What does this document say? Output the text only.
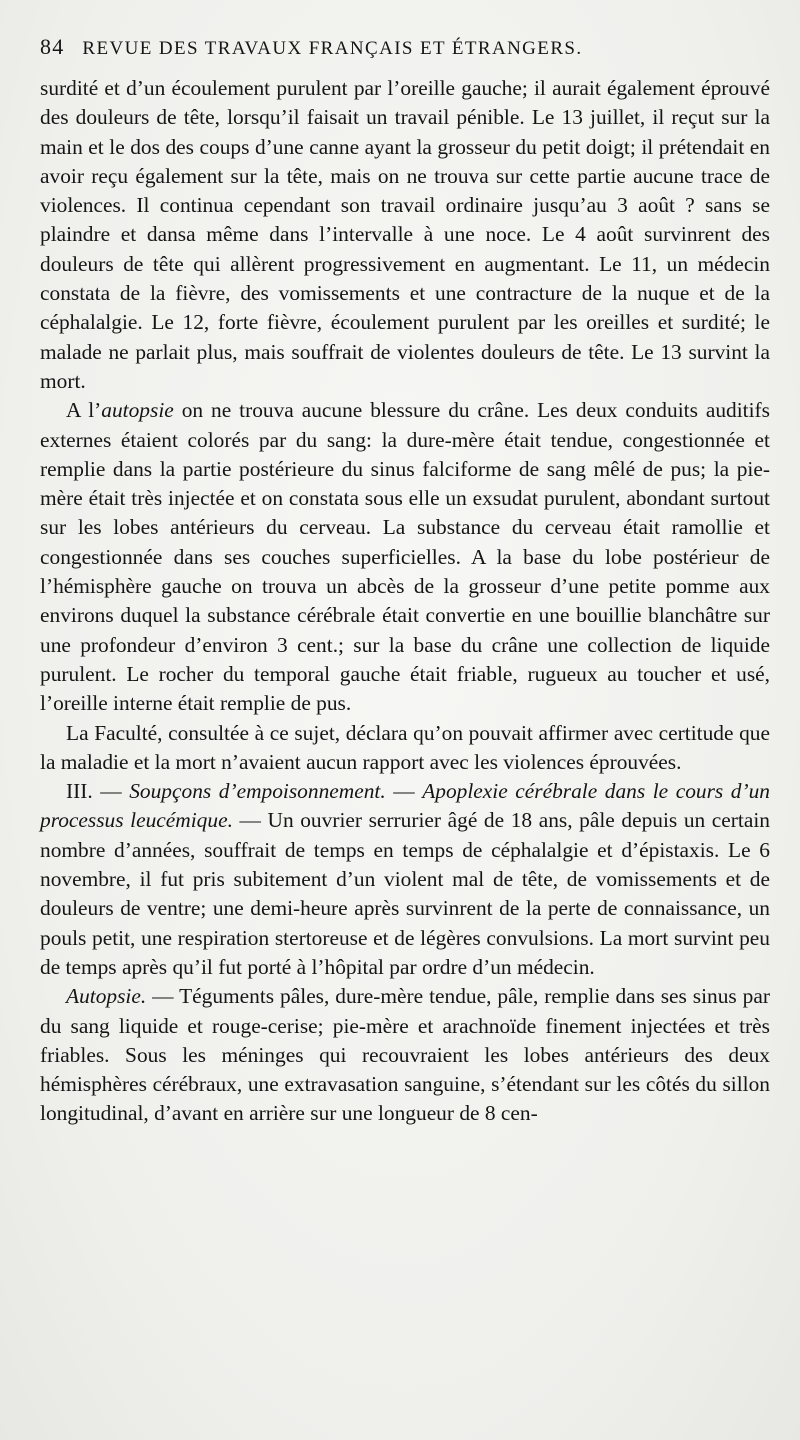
84 REVUE DES TRAVAUX FRANÇAIS ET ÉTRANGERS.

surdité et d’un écoulement purulent par l’oreille gauche; il aurait également éprouvé des douleurs de tête, lorsqu’il faisait un travail pénible. Le 13 juillet, il reçut sur la main et le dos des coups d’une canne ayant la grosseur du petit doigt; il prétendait en avoir reçu également sur la tête, mais on ne trouva sur cette partie aucune trace de violences. Il continua cependant son travail ordinaire jusqu’au 3 août ? sans se plaindre et dansa même dans l’intervalle à une noce. Le 4 août survinrent des douleurs de tête qui allèrent progressivement en augmentant. Le 11, un médecin constata de la fièvre, des vomissements et une contracture de la nuque et de la céphalalgie. Le 12, forte fièvre, écoulement purulent par les oreilles et surdité; le malade ne parlait plus, mais souffrait de violentes douleurs de tête. Le 13 survint la mort.

A l’autopsie on ne trouva aucune blessure du crâne. Les deux conduits auditifs externes étaient colorés par du sang: la dure-mère était tendue, congestionnée et remplie dans la partie postérieure du sinus falciforme de sang mêlé de pus; la pie-mère était très injectée et on constata sous elle un exsudat purulent, abondant surtout sur les lobes antérieurs du cerveau. La substance du cerveau était ramollie et congestionnée dans ses couches superficielles. A la base du lobe postérieur de l’hémisphère gauche on trouva un abcès de la grosseur d’une petite pomme aux environs duquel la substance cérébrale était convertie en une bouillie blanchâtre sur une profondeur d’environ 3 cent.; sur la base du crâne une collection de liquide purulent. Le rocher du temporal gauche était friable, rugueux au toucher et usé, l’oreille interne était remplie de pus.

La Faculté, consultée à ce sujet, déclara qu’on pouvait affirmer avec certitude que la maladie et la mort n’avaient aucun rapport avec les violences éprouvées.

III. — Soupçons d’empoisonnement. — Apoplexie cérébrale dans le cours d’un processus leucémique. — Un ouvrier serrurier âgé de 18 ans, pâle depuis un certain nombre d’années, souffrait de temps en temps de céphalalgie et d’épistaxis. Le 6 novembre, il fut pris subitement d’un violent mal de tête, de vomissements et de douleurs de ventre; une demi-heure après survinrent de la perte de connaissance, un pouls petit, une respiration stertoreuse et de légères convulsions. La mort survint peu de temps après qu’il fut porté à l’hôpital par ordre d’un médecin.

Autopsie. — Téguments pâles, dure-mère tendue, pâle, remplie dans ses sinus par du sang liquide et rouge-cerise; pie-mère et arachnoïde finement injectées et très friables. Sous les méninges qui recouvraient les lobes antérieurs des deux hémisphères cérébraux, une extravasation sanguine, s’étendant sur les côtés du sillon longitudinal, d’avant en arrière sur une longueur de 8 cen-
